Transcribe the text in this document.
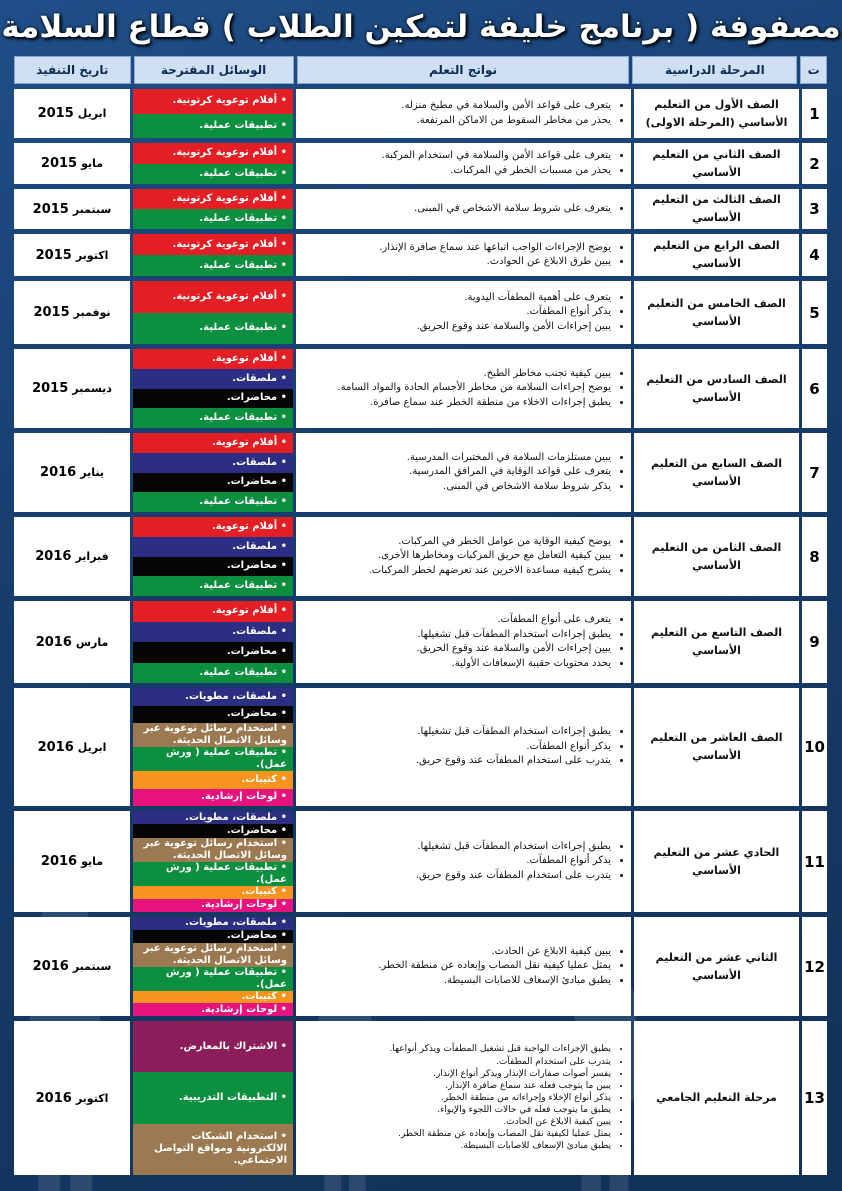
مصفوفة ( برنامج خليفة لتمكين الطلاب ) قطاع السلامة
ت
المرحلة الدراسية
نواتج التعلم
الوسائل المقترحة
تاريخ التنفيذ
1
الصف الأول من التعليم الأساسي (المرحلة الاولى)
• يتعرف على قواعد الأمن والسلامة في مطبخ منزله.
• يحذر من مخاطر السقوط من الاماكن المرتفعة.
• أفلام توعوية كرتونية.
• تطبيقات عملية.
ابريل
2015
2
الصف الثاني من التعليم الأساسي
• يتعرف على قواعد الأمن والسلامة في استخدام المركبة.
• يحذر من مسببات الخطر في المركبات.
• أفلام توعوية كرتونية.
• تطبيقات عملية.
مايو
2015
3
الصف الثالث من التعليم الأساسي
• يتعرف على شروط سلامة الاشخاص في المبنى.
• أفلام توعوية كرتونية.
• تطبيقات عملية.
سبتمبر
2015
4
الصف الرابع من التعليم الأساسي
• يوضح الإجراءات الواجب اتباعها عند سماع صافرة الإنذار.
• يبين طرق الابلاغ عن الحوادث.
• أفلام توعوية كرتونية.
• تطبيقات عملية.
اكتوبر
2015
5
الصف الخامس من التعليم الأساسي
• يتعرف على أهمية المطفآت اليدوية.
• يذكر أنواع المطفآت.
• يبين إجراءات الأمن والسلامة عند وقوع الحريق.
• أفلام توعوية كرتونية.
• تطبيقات عملية.
نوفمبر
2015
6
الصف السادس من التعليم الأساسي
• يبين كيفية تجنب مخاطر الطبخ.
• يوضح إجراءات السلامة من مخاطر الأجسام الحادة والمواد السامة.
• يطبق إجراءات الاخلاء من منطقة الخطر عند سماع صافرة.
• أفلام توعوية.
• ملصقات.
• محاضرات.
• تطبيقات عملية.
ديسمبر
2015
7
الصف السابع من التعليم الأساسي
• يبين مستلزمات السلامة في المختبرات المدرسية.
• يتعرف على قواعد الوقاية في المرافق المدرسية.
• يذكر شروط سلامة الاشخاص في المبنى.
• أفلام توعوية.
• ملصقات.
• محاضرات.
• تطبيقات عملية.
يناير
2016
8
الصف الثامن من التعليم الأساسي
• يوضح كيفية الوقاية من عوامل الخطر في المركبات.
• يبين كيفية التعامل مع حريق المركبات ومخاطرها الأخرى.
• يشرح كيفية مساعدة الاخرين عند تعرضهم لخطر المركبات.
• أفلام توعوية.
• ملصقات.
• محاضرات.
• تطبيقات عملية.
فبراير
2016
9
الصف التاسع من التعليم الأساسي
• يتعرف على أنواع المطفآت.
• يطبق إجراءات استخدام المطفآت قبل تشغيلها.
• يبين إجراءات الأمن والسلامة عند وقوع الحريق.
• يحدد محتويات حقيبة الإسعافات الأولية.
• أفلام توعوية.
• ملصقات.
• محاضرات.
• تطبيقات عملية.
مارس
2016
10
الصف العاشر من التعليم الأساسي
• يطبق إجراءات استخدام المطفآت قبل تشغيلها.
• يذكر أنواع المطفآت.
• يتدرب على استخدام المطفآت عند وقوع حريق.
• ملصقات، مطويات.
• محاضرات.
• استخدام رسائل توعوية عبر وسائل الاتصال الحديثة.
• تطبيقات عملية ( ورش عمل).
• كتيبات.
• لوحات إرشادية.
ابريل
2016
11
الحادي عشر من التعليم الأساسي
• يطبق إجراءات استخدام المطفآت قبل تشغيلها.
• يذكر أنواع المطفآت.
• يتدرب على استخدام المطفآت عند وقوع حريق.
• ملصقات، مطويات.
• محاضرات.
• استخدام رسائل توعوية عبر وسائل الاتصال الحديثة.
• تطبيقات عملية ( ورش عمل).
• كتيبات.
• لوحات إرشادية.
مايو
2016
12
الثاني عشر من التعليم الأساسي
• يبين كيفية الابلاغ عن الحادث.
• يمثل عمليا كيفية نقل المصاب وإبعاده عن منطقة الخطر.
• يطبق مبادئ الإسعاف للاصابات البسيطة.
• ملصقات، مطويات.
• محاضرات.
• استخدام رسائل توعوية عبر وسائل الاتصال الحديثة.
• تطبيقات عملية ( ورش عمل).
• كتيبات.
• لوحات إرشادية.
سبتمبر
2016
13
مرحلة التعليم الجامعي
• يطبق الإجراءات الواجبة قبل تشغيل المطفآت ويذكر أنواعها.
• يتدرب على استخدام المطفآت.
• يفسر أصوات صفارات الإنذار ويذكر أنواع الإنذار.
• يبين ما يتوجب فعله عند سماع صافرة الإنذار.
• يذكر أنواع الإخلاء وإجراءاته من منطقة الخطر.
• يطبق ما يتوجب فعله في حالات اللجوء والإيواء.
• يبين كيفية الابلاغ عن الحادث.
• يمثل عمليا لكيفية نقل المصاب وإبعاده عن منطقة الخطر.
• يطبق مبادئ الإسعاف للاصابات البسيطة.
• الاشتراك بالمعارض.
• التطبيقات التدريبية.
• استخدام الشبكات الالكترونية ومواقع التواصل الاجتماعي.
اكتوبر
2016
